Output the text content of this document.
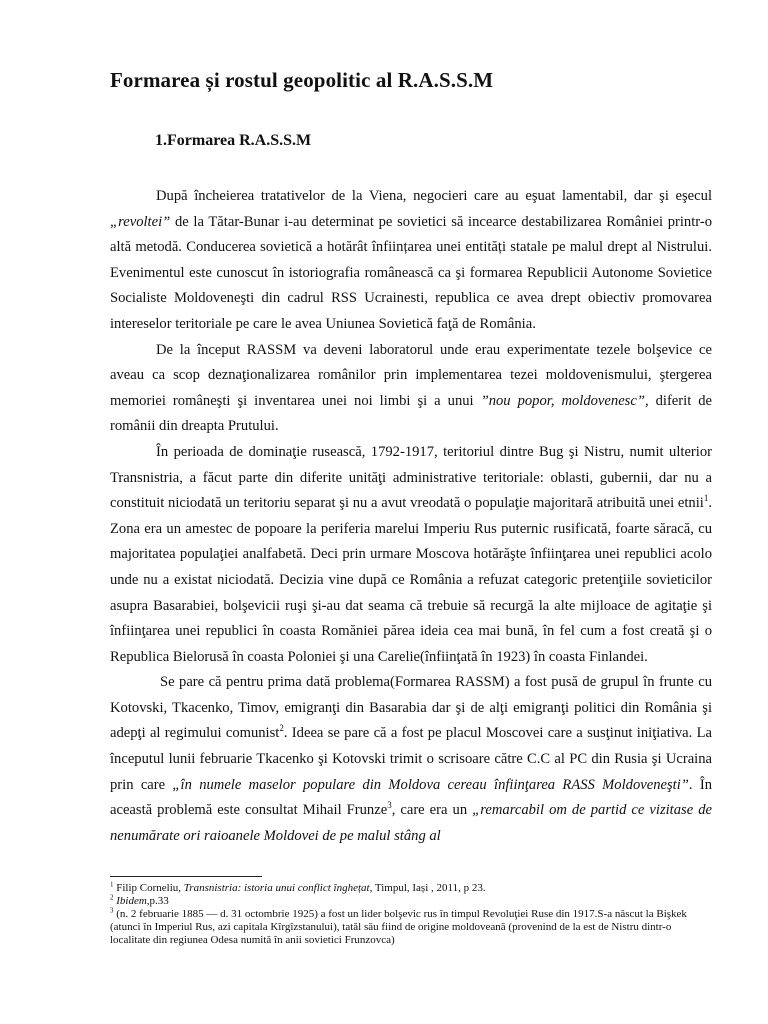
Formarea și rostul geopolitic al R.A.S.S.M
1.Formarea R.A.S.S.M

După încheierea tratativelor de la Viena, negocieri care au eşuat lamentabil, dar şi eşecul „revoltei” de la Tătar-Bunar i-au determinat pe sovietici să incearce destabilizarea României printr-o altă metodă. Conducerea sovietică a hotărât înființarea unei entități statale pe malul drept al Nistrului. Evenimentul este cunoscut în istoriografia românească ca şi formarea Republicii Autonome Sovietice Socialiste Moldoveneşti din cadrul RSS Ucrainesti, republica ce avea drept obiectiv promovarea intereselor teritoriale pe care le avea Uniunea Sovietică faţă de România.

De la început RASSM va deveni laboratorul unde erau experimentate tezele bolşevice ce aveau ca scop deznaţionalizarea românilor prin implementarea tezei moldovenismului, ştergerea memoriei româneşti şi inventarea unei noi limbi şi a unui ”nou popor, moldovenesc”, diferit de românii din dreapta Prutului.

În perioada de dominaţie rusească, 1792-1917, teritoriul dintre Bug şi Nistru, numit ulterior Transnistria, a făcut parte din diferite unităţi administrative teritoriale: oblasti, gubernii, dar nu a constituit niciodată un teritoriu separat şi nu a avut vreodată o populaţie majoritară atribuită unei etnii$^1$. Zona era un amestec de popoare la periferia marelui Imperiu Rus puternic rusificată, foarte săracă, cu majoritatea populaţiei analfabetă. Deci prin urmare Moscova hotărăşte înfiinţarea unei republici acolo unde nu a existat niciodată. Decizia vine după ce România a refuzat categoric pretenţiile sovieticilor asupra Basarabiei, bolşevicii ruşi şi-au dat seama că trebuie să recurgă la alte mijloace de agitaţie şi înfiinţarea unei republici în coasta Romăniei părea ideia cea mai bună, în fel cum a fost creată şi o Republica Bielorusă în coasta Poloniei şi una Carelie(înfiinţată în 1923) în coasta Finlandei.

Se pare că pentru prima dată problema(Formarea RASSM) a fost pusă de grupul în frunte cu Kotovski, Tkacenko, Timov, emigranţi din Basarabia dar şi de alţi emigranţi politici din România şi adepţi al regimului comunist$^2$. Ideea se pare că a fost pe placul Moscovei care a susţinut iniţiativa. La începutul lunii februarie Tkacenko şi Kotovski trimit o scrisoare către C.C al PC din Rusia şi Ucraina prin care „în numele maselor populare din Moldova cereau înfiinţarea RASS Moldoveneşti”. În această problemă este consultat Mihail Frunze$^3$, care era un „remarcabil om de partid ce vizitase de nenumărate ori raioanele Moldovei de pe malul stâng al

$^1$ Filip Corneliu, Transnistria: istoria unui conflict înghețat, Timpul, Iași , 2011, p 23.

$^2$ Ibidem,p.33

$^3$ (n. 2 februarie 1885 — d. 31 octombrie 1925) a fost un lider bolşevic rus în timpul Revoluţiei Ruse din 1917.S-a născut la Bişkek (atunci în Imperiul Rus, azi capitala Kîrgîzstanului), tatăl său fiind de origine moldoveană (provenind de la est de Nistru dintr-o localitate din regiunea Odesa numită în anii sovietici Frunzovca)
